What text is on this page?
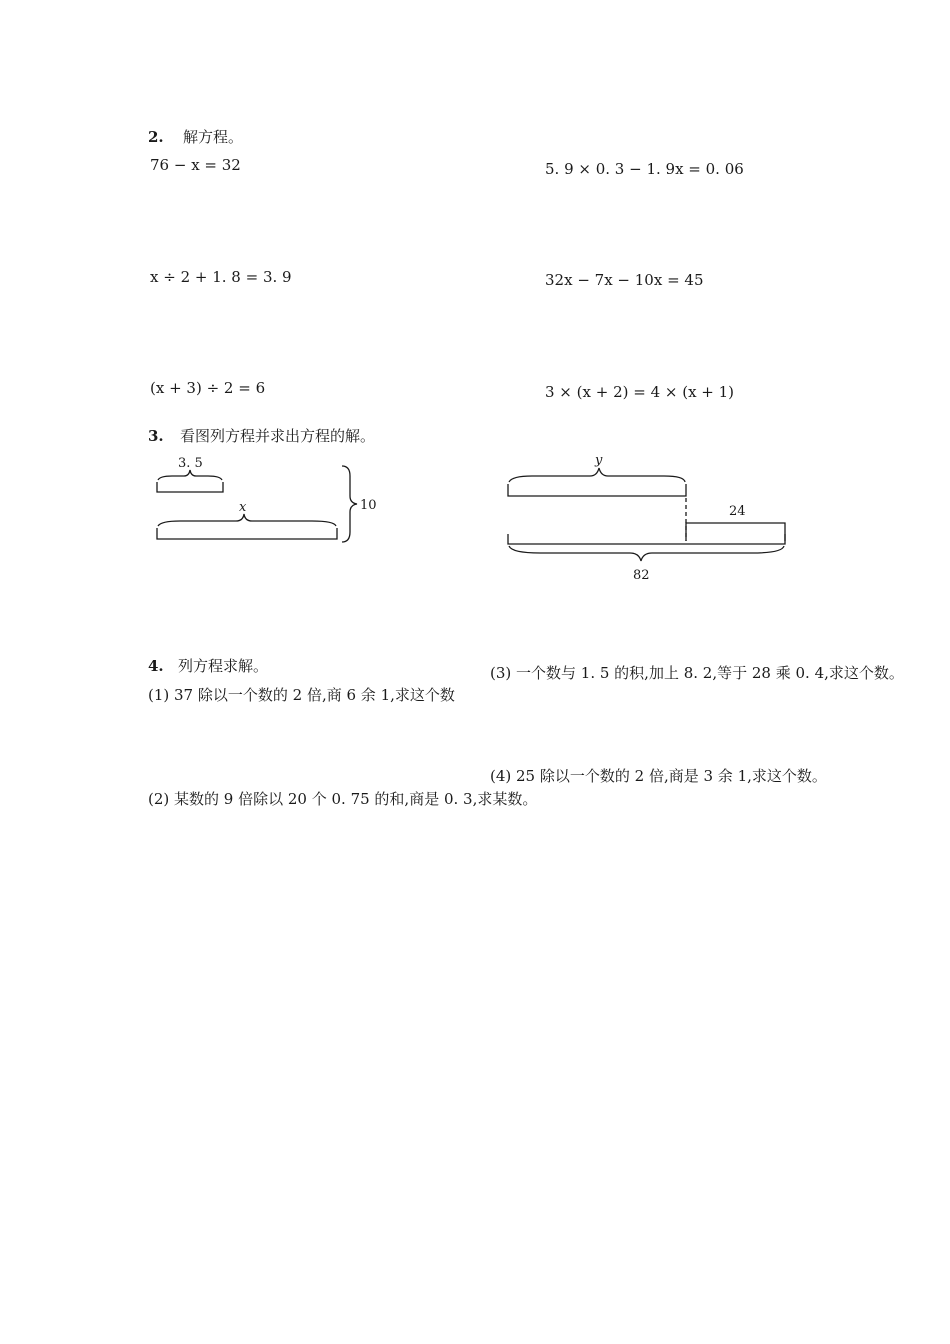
2. 解方程。
76 − x = 32	5. 9 × 0. 3 − 1. 9x = 0. 06
x ÷ 2 + 1. 8 = 3. 9	32x − 7x − 10x = 45
(x + 3) ÷ 2 = 6	3 × (x + 2) = 4 × (x + 1)
3. 看图列方程并求出方程的解。
3. 5
x	10
y
24
82
4. 列方程求解。
(1) 37 除以一个数的 2 倍,商 6 余 1,求这个数
(2) 某数的 9 倍除以 20 个 0. 75 的和,商是 0. 3,求某数。
(3) 一个数与 1. 5 的积,加上 8. 2,等于 28 乘 0. 4,求这个数。
(4) 25 除以一个数的 2 倍,商是 3 余 1,求这个数。
